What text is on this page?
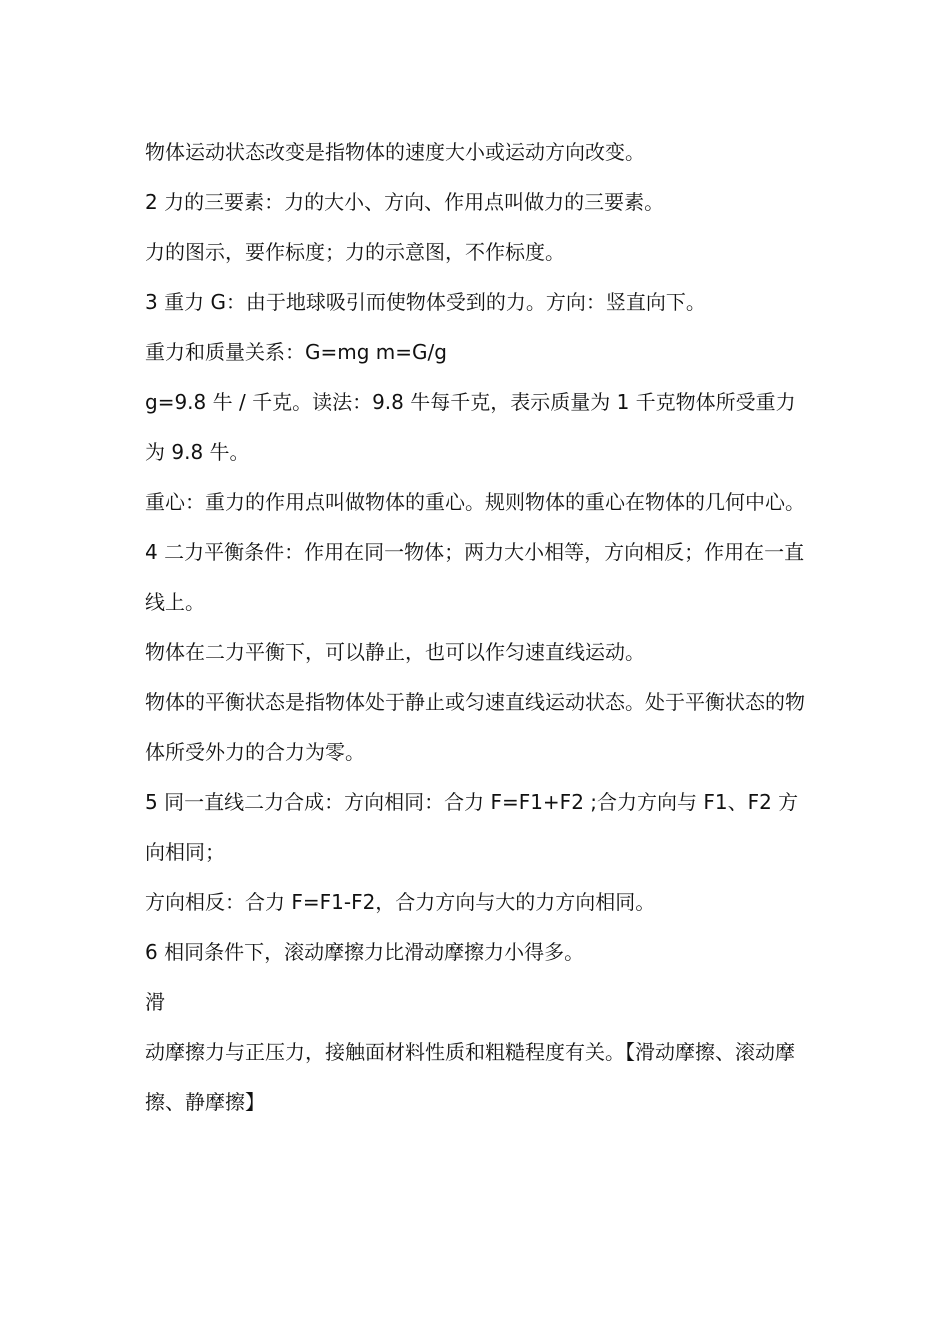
物体运动状态改变是指物体的速度大小或运动方向改变。

2 力的三要素：力的大小、方向、作用点叫做力的三要素。

力的图示，要作标度；力的示意图，不作标度。

3 重力 G：由于地球吸引而使物体受到的力。方向：竖直向下。

重力和质量关系：G=mg m=G/g

g=9.8 牛 / 千克。读法：9.8 牛每千克，表示质量为 1 千克物体所受重力为 9.8 牛。

重心：重力的作用点叫做物体的重心。规则物体的重心在物体的几何中心。

4 二力平衡条件：作用在同一物体；两力大小相等，方向相反；作用在一直线上。

物体在二力平衡下，可以静止，也可以作匀速直线运动。

物体的平衡状态是指物体处于静止或匀速直线运动状态。处于平衡状态的物体所受外力的合力为零。

5 同一直线二力合成：方向相同：合力 F=F1+F2 ;合力方向与 F1、F2 方向相同；

方向相反：合力 F=F1-F2，合力方向与大的力方向相同。

6 相同条件下，滚动摩擦力比滑动摩擦力小得多。

滑

动摩擦力与正压力，接触面材料性质和粗糙程度有关。【滑动摩擦、滚动摩擦、静摩擦】
